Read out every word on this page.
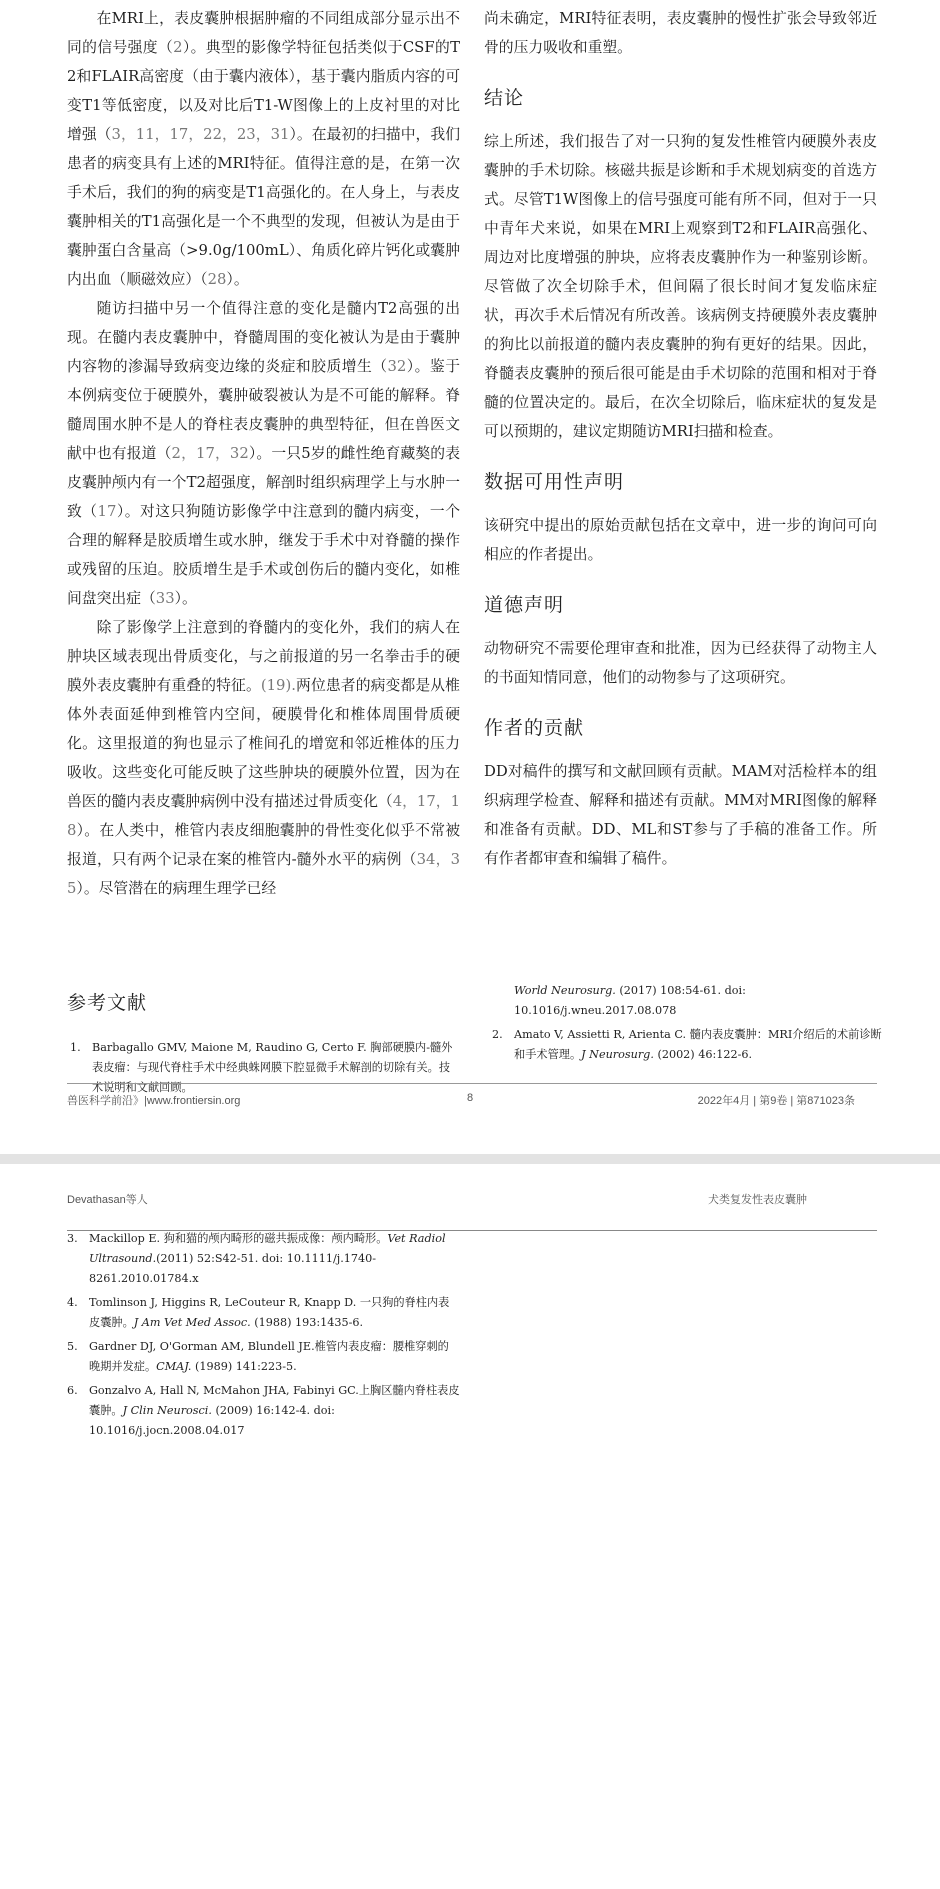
在MRI上，表皮囊肿根据肿瘤的不同组成部分显示出不同的信号强度（2）。典型的影像学特征包括类似于CSF的T2和FLAIR高密度（由于囊内液体），基于囊内脂质内容的可变T1等低密度，以及对比后T1-W图像上的上皮衬里的对比增强（3，11，17，22，23，31）。在最初的扫描中，我们患者的病变具有上述的MRI特征。值得注意的是，在第一次手术后，我们的狗的病变是T1高强化的。在人身上，与表皮囊肿相关的T1高强化是一个不典型的发现，但被认为是由于囊肿蛋白含量高（>9.0g/100mL）、角质化碎片钙化或囊肿内出血（顺磁效应）（28）。

随访扫描中另一个值得注意的变化是髓内T2高强的出现。在髓内表皮囊肿中，脊髓周围的变化被认为是由于囊肿内容物的渗漏导致病变边缘的炎症和胶质增生（32）。鉴于本例病变位于硬膜外，囊肿破裂被认为是不可能的解释。脊髓周围水肿不是人的脊柱表皮囊肿的典型特征，但在兽医文献中也有报道（2，17，32）。一只5岁的雌性绝育藏獒的表皮囊肿颅内有一个T2超强度，解剖时组织病理学上与水肿一致（17）。对这只狗随访影像学中注意到的髓内病变，一个合理的解释是胶质增生或水肿，继发于手术中对脊髓的操作或残留的压迫。胶质增生是手术或创伤后的髓内变化，如椎间盘突出症（33）。

除了影像学上注意到的脊髓内的变化外，我们的病人在肿块区域表现出骨质变化，与之前报道的另一名拳击手的硬膜外表皮囊肿有重叠的特征。(19).两位患者的病变都是从椎体外表面延伸到椎管内空间，硬膜骨化和椎体周围骨质硬化。这里报道的狗也显示了椎间孔的增宽和邻近椎体的压力吸收。这些变化可能反映了这些肿块的硬膜外位置，因为在兽医的髓内表皮囊肿病例中没有描述过骨质变化（4，17，18）。在人类中，椎管内表皮细胞囊肿的骨性变化似乎不常被报道，只有两个记录在案的椎管内-髓外水平的病例（34，35）。尽管潜在的病理生理学已经

尚未确定，MRI特征表明，表皮囊肿的慢性扩张会导致邻近骨的压力吸收和重塑。

结论

综上所述，我们报告了对一只狗的复发性椎管内硬膜外表皮囊肿的手术切除。核磁共振是诊断和手术规划病变的首选方式。尽管T1W图像上的信号强度可能有所不同，但对于一只中青年犬来说，如果在MRI上观察到T2和FLAIR高强化、周边对比度增强的肿块，应将表皮囊肿作为一种鉴别诊断。尽管做了次全切除手术，但间隔了很长时间才复发临床症状，再次手术后情况有所改善。该病例支持硬膜外表皮囊肿的狗比以前报道的髓内表皮囊肿的狗有更好的结果。因此，脊髓表皮囊肿的预后很可能是由手术切除的范围和相对于脊髓的位置决定的。最后，在次全切除后，临床症状的复发是可以预期的，建议定期随访MRI扫描和检查。

数据可用性声明

该研究中提出的原始贡献包括在文章中，进一步的询问可向相应的作者提出。

道德声明

动物研究不需要伦理审查和批准，因为已经获得了动物主人的书面知情同意，他们的动物参与了这项研究。

作者的贡献

DD对稿件的撰写和文献回顾有贡献。MAM对活检样本的组织病理学检查、解释和描述有贡献。MM对MRI图像的解释和准备有贡献。DD、ML和ST参与了手稿的准备工作。所有作者都审查和编辑了稿件。

参考文献
1.	Barbagallo GMV, Maione M, Raudino G, Certo F. 胸部硬膜内-髓外表皮瘤：与现代脊柱手术中经典蛛网膜下腔显微手术解剖的切除有关。技术说明和文献回顾。
World Neurosurg. (2017) 108:54-61. doi: 10.1016/j.wneu.2017.08.078
2.	Amato V, Assietti R, Arienta C. 髓内表皮囊肿：MRI介绍后的术前诊断和手术管理。J Neurosurg. (2002) 46:122-6.
兽医科学前沿》|www.frontiersin.org	8	2022年4月 | 第9卷 | 第871023条
Devathasan等人	犬类复发性表皮囊肿
3.	Mackillop E. 狗和猫的颅内畸形的磁共振成像：颅内畸形。Vet Radiol Ultrasound.(2011) 52:S42-51. doi: 10.1111/j.1740-8261.2010.01784.x
4.	Tomlinson J, Higgins R, LeCouteur R, Knapp D. 一只狗的脊柱内表皮囊肿。J Am Vet Med Assoc. (1988) 193:1435-6.
5.	Gardner DJ, O'Gorman AM, Blundell JE.椎管内表皮瘤：腰椎穿刺的晚期并发症。CMAJ. (1989) 141:223-5.
6.	Gonzalvo A, Hall N, McMahon JHA, Fabinyi GC.上胸区髓内脊柱表皮囊肿。J Clin Neurosci. (2009) 16:142-4. doi: 10.1016/j.jocn.2008.04.017
